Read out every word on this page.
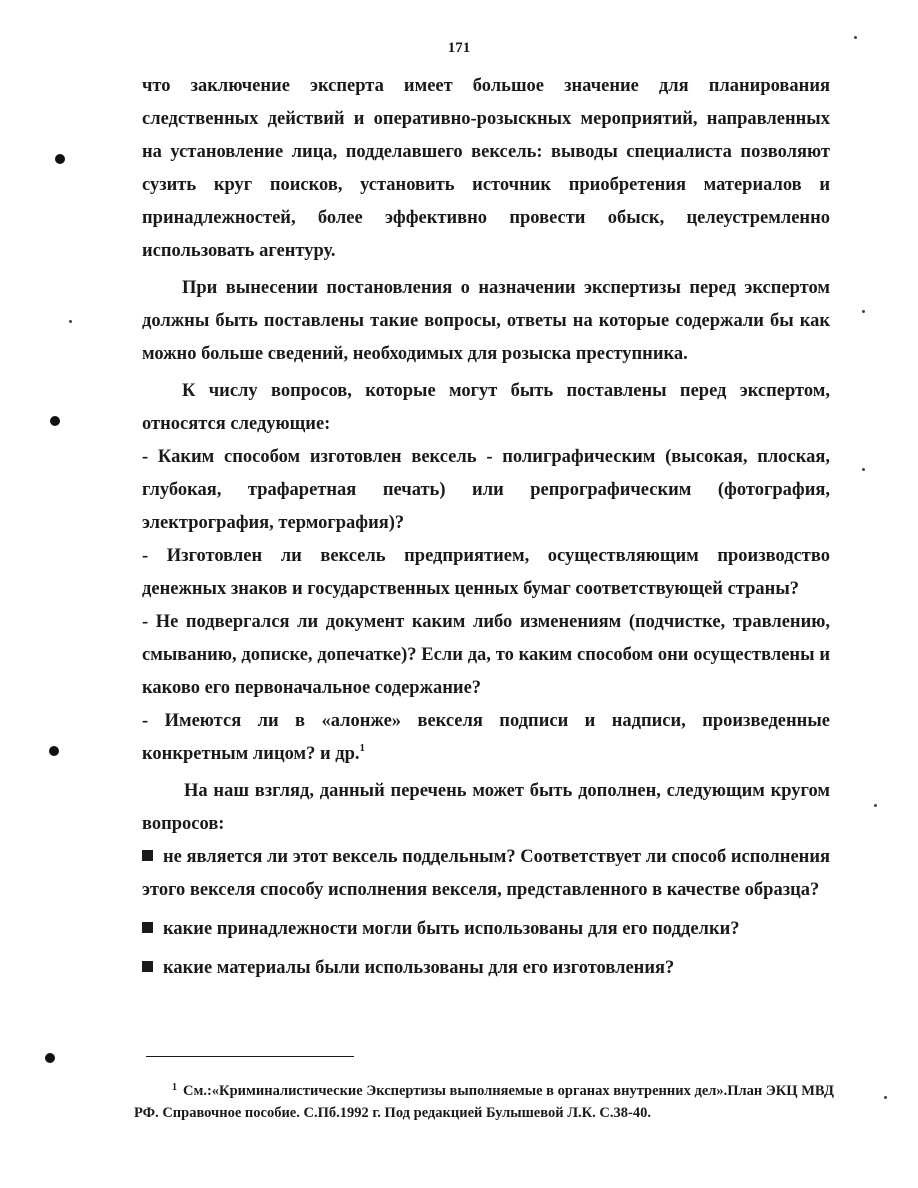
171

что заключение эксперта имеет большое значение для планирования следственных действий и оперативно-розыскных мероприятий, направленных на установление лица, подделавшего вексель: выводы специалиста позволяют сузить круг поисков, установить источник приобретения материалов и принадлежностей, более эффективно провести обыск, целеустремленно использовать агентуру.

При вынесении постановления о назначении экспертизы перед экспертом должны быть поставлены такие вопросы, ответы на которые содержали бы как можно больше сведений, необходимых для розыска преступника.

К числу вопросов, которые могут быть поставлены перед экспертом, относятся следующие:

- Каким способом изготовлен вексель - полиграфическим (высокая, плоская, глубокая, трафаретная печать) или репрографическим (фотография, электрография, термография)?

- Изготовлен ли вексель предприятием, осуществляющим производство денежных знаков и государственных ценных бумаг соответствующей страны?

- Не подвергался ли документ каким либо изменениям (подчистке, травлению, смыванию, дописке, допечатке)? Если да, то каким способом они осуществлены и каково его первоначальное содержание?

- Имеются ли в «алонже» векселя подписи и надписи, произведенные конкретным лицом? и др.$^1$

На наш взгляд, данный перечень может быть дополнен, следующим кругом вопросов:

не является ли этот вексель поддельным? Соответствует ли способ исполнения этого векселя способу исполнения векселя, представленного в качестве образца?

какие принадлежности могли быть использованы для его подделки?

какие материалы были использованы для его изготовления?

$^1$ См.:«Криминалистические Экспертизы выполняемые в органах внутренних дел».План ЭКЦ МВД РФ. Справочное пособие. С.Пб.1992 г. Под редакцией Булышевой Л.К. С.38-40.
